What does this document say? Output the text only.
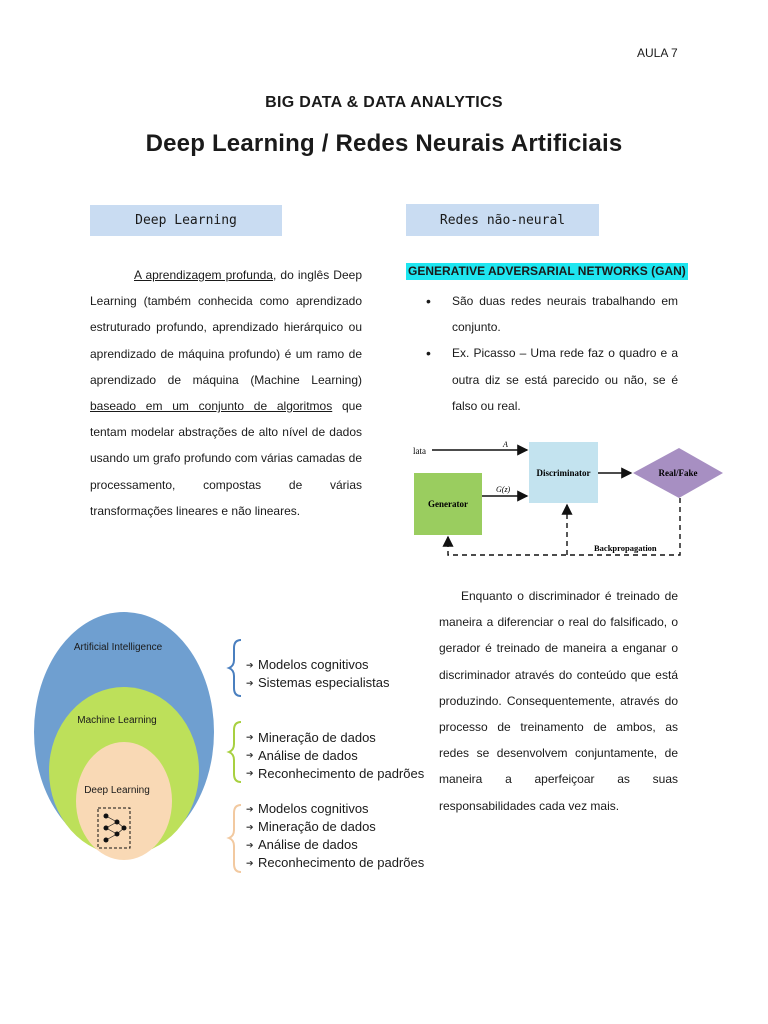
AULA 7
BIG DATA & DATA ANALYTICS
Deep Learning / Redes Neurais Artificiais
Deep Learning	Redes não-neural
A aprendizagem profunda, do inglês Deep Learning (também conhecida como aprendizado estruturado profundo, aprendizado hierárquico ou aprendizado de máquina profundo) é um ramo de aprendizado de máquina (Machine Learning) baseado em um conjunto de algoritmos que tentam modelar abstrações de alto nível de dados usando um grafo profundo com várias camadas de processamento, compostas de várias transformações lineares e não lineares.
GENERATIVE ADVERSARIAL NETWORKS (GAN)
• São duas redes neurais trabalhando em conjunto.
• Ex. Picasso – Uma rede faz o quadro e a outra diz se está parecido ou não, se é falso ou real.
lata
A
Discriminator
Generator
G(z)
Real/Fake
Backpropagation
Enquanto o discriminador é treinado de maneira a diferenciar o real do falsificado, o gerador é treinado de maneira a enganar o discriminador através do conteúdo que está produzindo. Consequentemente, através do processo de treinamento de ambos, as redes se desenvolvem conjuntamente, de maneira a aperfeiçoar as suas responsabilidades cada vez mais.
Artificial Intelligence
Machine Learning
Deep Learning
➔ Modelos cognitivos
➔ Sistemas especialistas
➔ Mineração de dados
➔ Análise de dados
➔ Reconhecimento de padrões
➔ Modelos cognitivos
➔ Mineração de dados
➔ Análise de dados
➔ Reconhecimento de padrões
